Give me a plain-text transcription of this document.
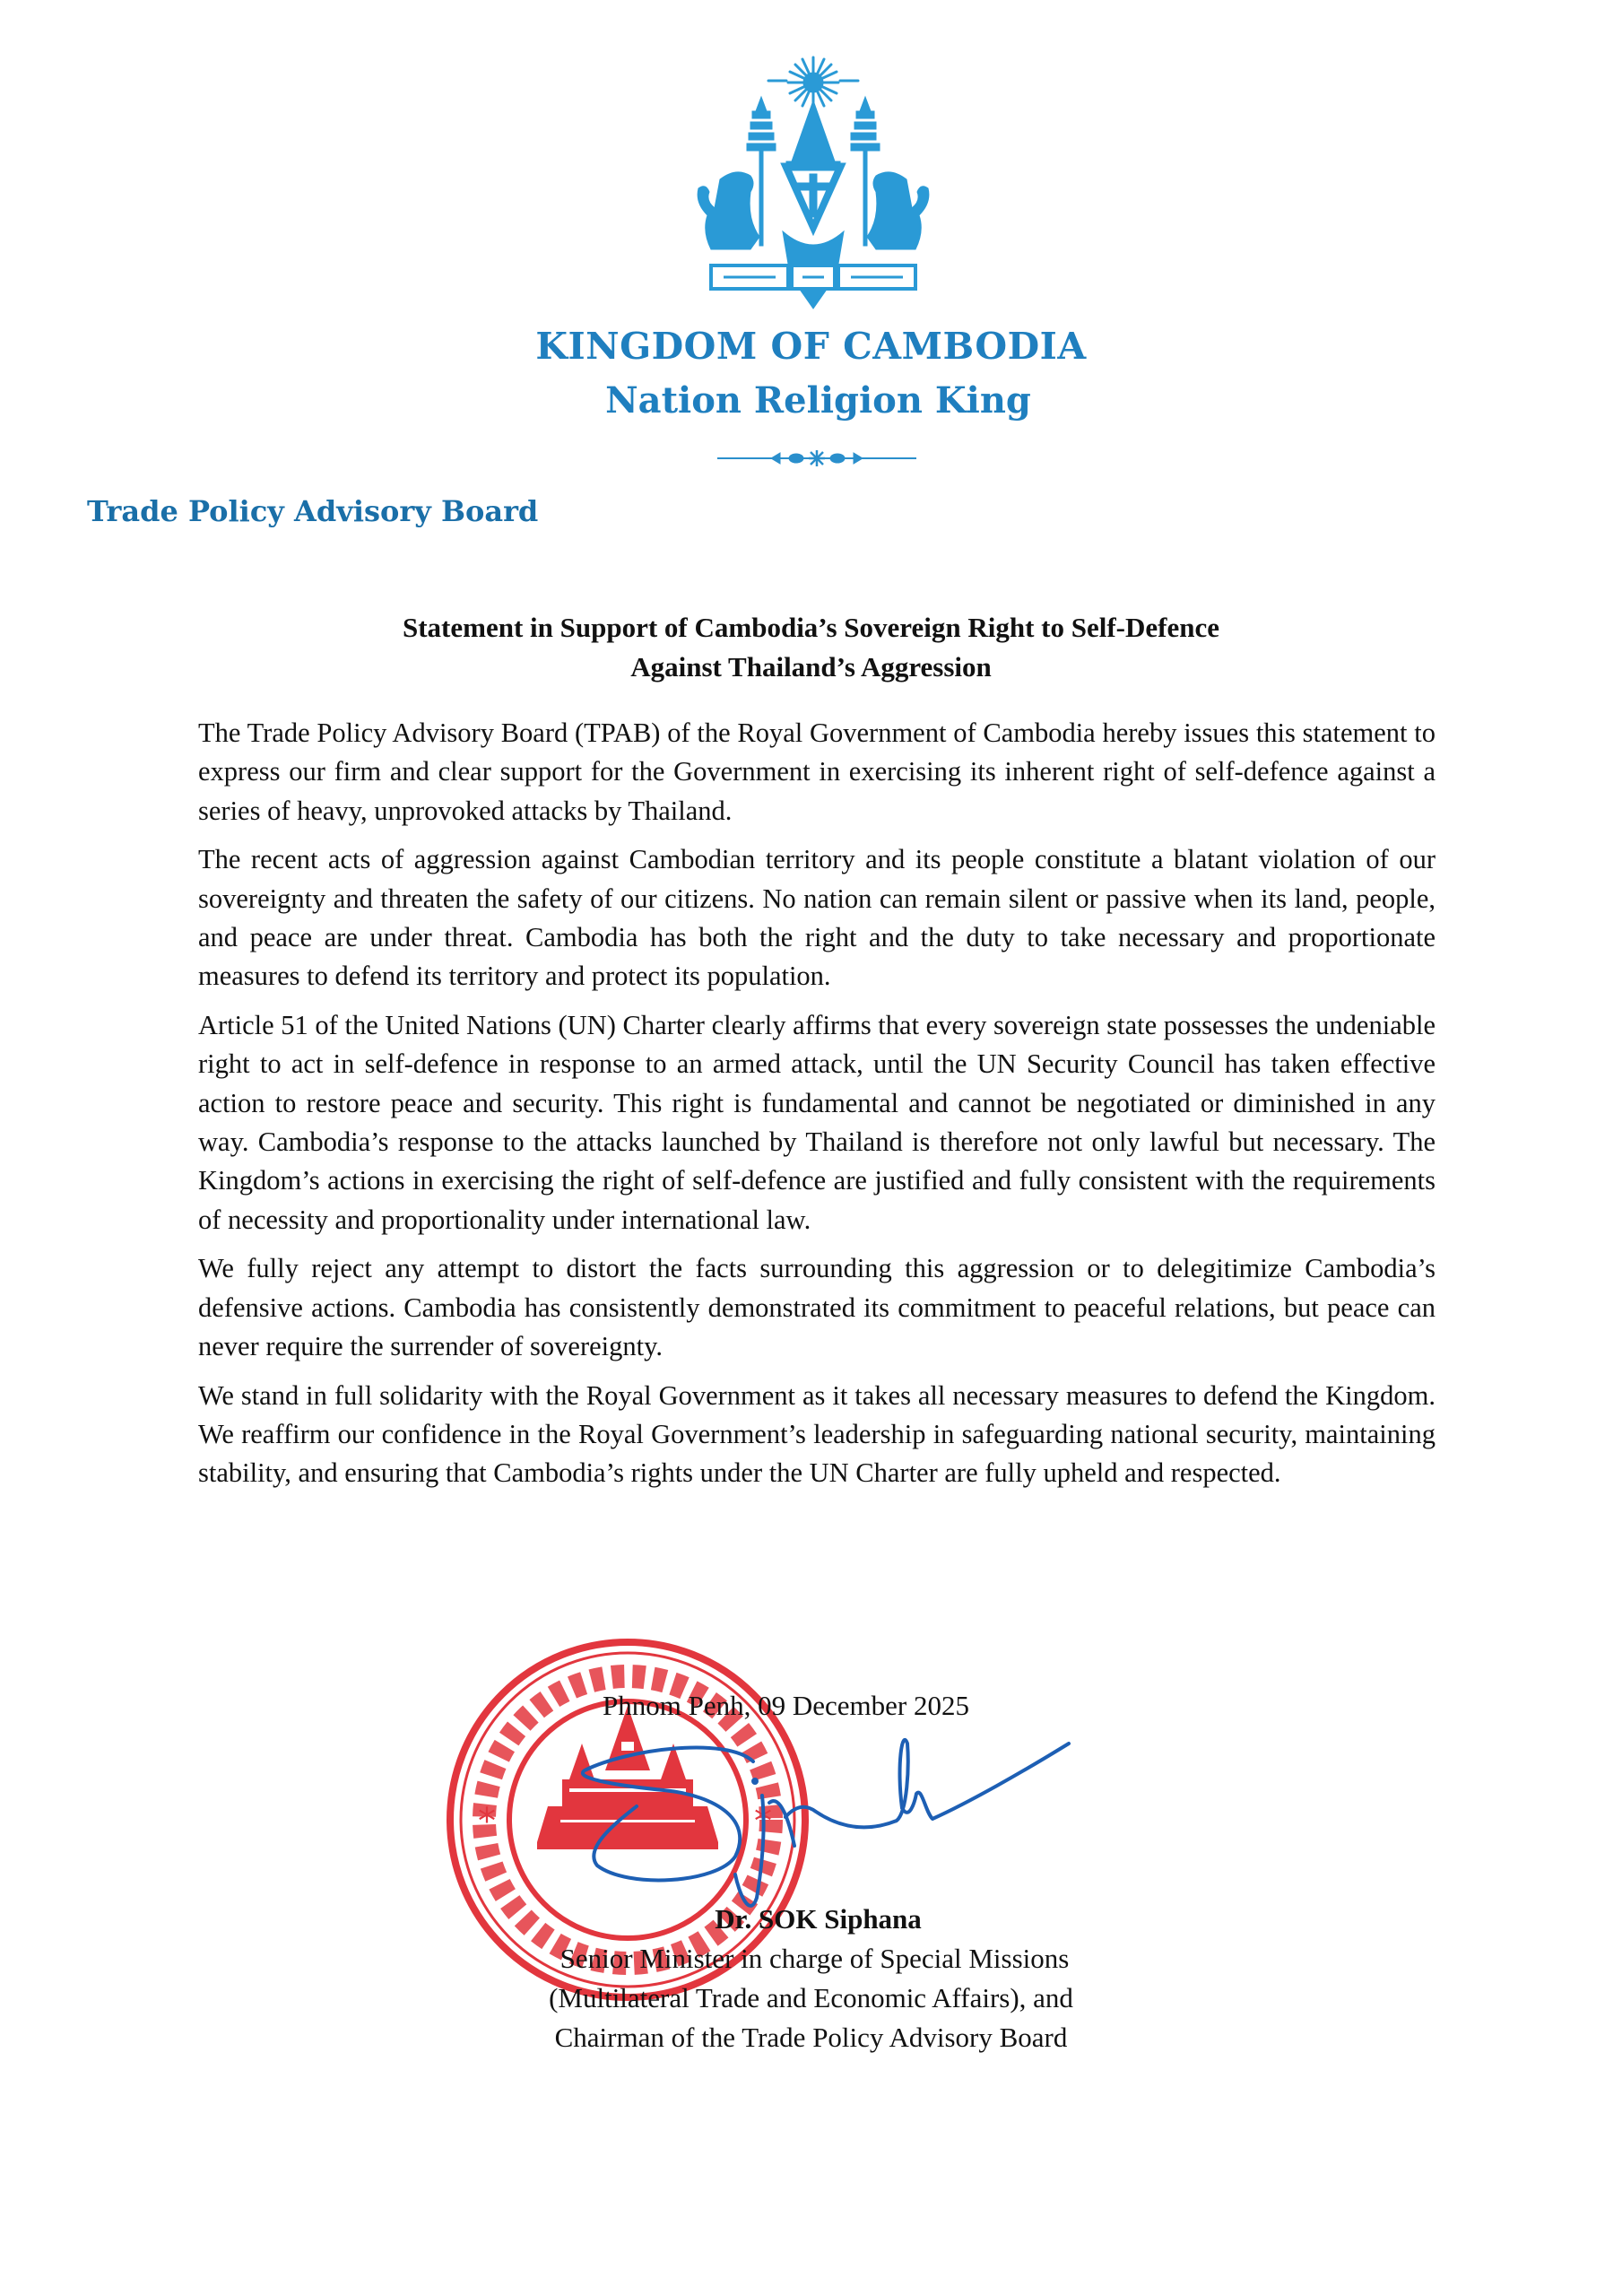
KINGDOM OF CAMBODIA
Nation Religion King
Trade Policy Advisory Board
Statement in Support of Cambodia’s Sovereign Right to Self-Defence
Against Thailand’s Aggression

The Trade Policy Advisory Board (TPAB) of the Royal Government of Cambodia hereby issues this statement to express our firm and clear support for the Government in exercising its inherent right of self-defence against a series of heavy, unprovoked attacks by Thailand.

The recent acts of aggression against Cambodian territory and its people constitute a blatant violation of our sovereignty and threaten the safety of our citizens. No nation can remain silent or passive when its land, people, and peace are under threat. Cambodia has both the right and the duty to take necessary and proportionate measures to defend its territory and protect its population.

Article 51 of the United Nations (UN) Charter clearly affirms that every sovereign state possesses the undeniable right to act in self-defence in response to an armed attack, until the UN Security Council has taken effective action to restore peace and security. This right is fundamental and cannot be negotiated or diminished in any way. Cambodia’s response to the attacks launched by Thailand is therefore not only lawful but necessary. The Kingdom’s actions in exercising the right of self-defence are justified and fully consistent with the requirements of necessity and proportionality under international law.

We fully reject any attempt to distort the facts surrounding this aggression or to delegitimize Cambodia’s defensive actions. Cambodia has consistently demonstrated its commitment to peaceful relations, but peace can never require the surrender of sovereignty.

We stand in full solidarity with the Royal Government as it takes all necessary measures to defend the Kingdom. We reaffirm our confidence in the Royal Government’s leadership in safeguarding national security, maintaining stability, and ensuring that Cambodia’s rights under the UN Charter are fully upheld and respected.

*	*
Phnom Penh, 09 December 2025
Dr. SOK Siphana
Senior Minister in charge of Special Missions
(Multilateral Trade and Economic Affairs), and
Chairman of the Trade Policy Advisory Board
